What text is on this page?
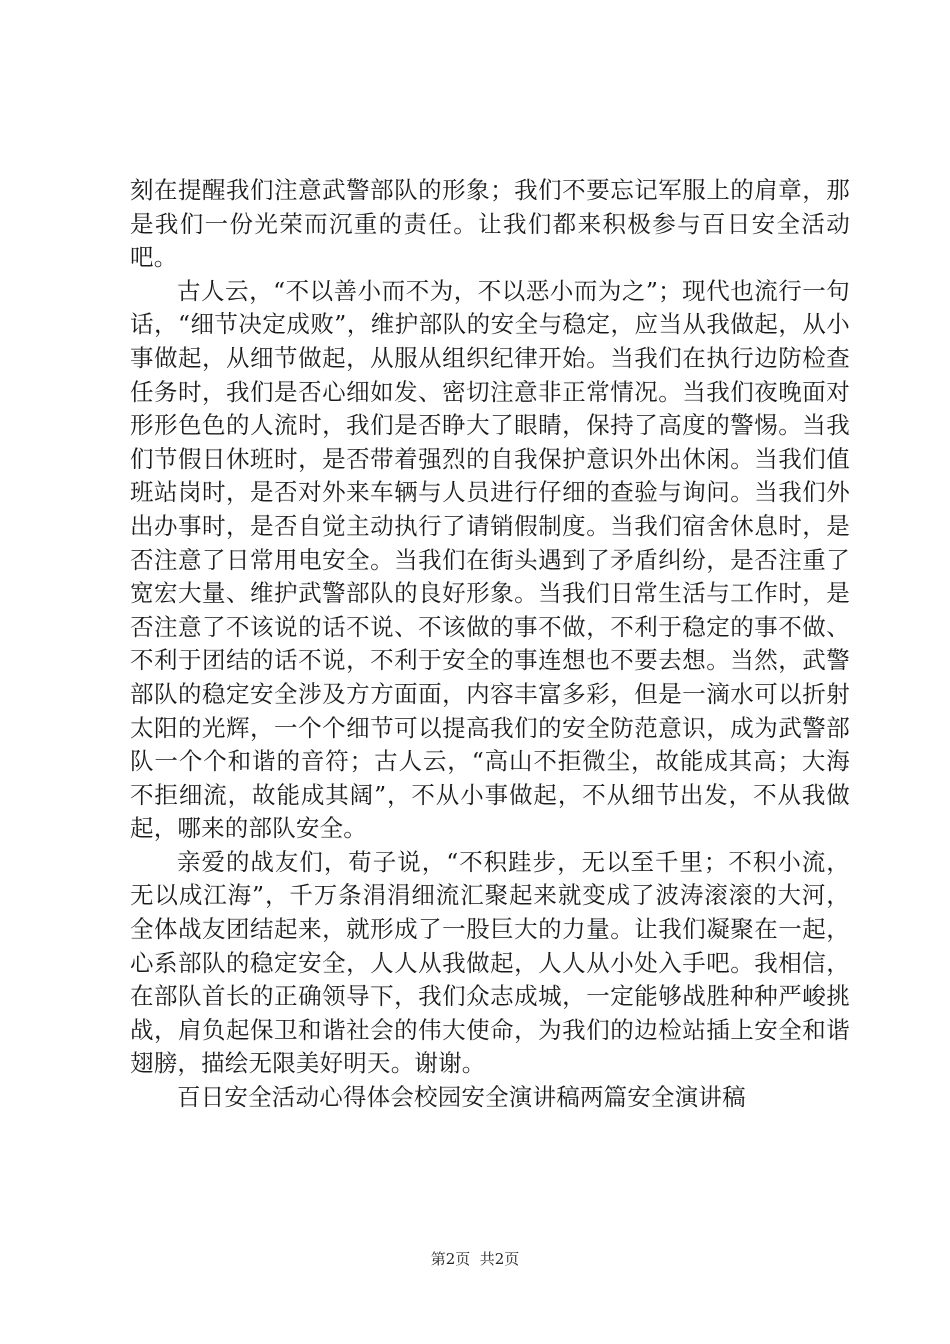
刻在提醒我们注意武警部队的形象；我们不要忘记军服上的肩章，那是我们一份光荣而沉重的责任。让我们都来积极参与百日安全活动吧。

古人云，“不以善小而不为，不以恶小而为之”；现代也流行一句话，“细节决定成败”，维护部队的安全与稳定，应当从我做起，从小事做起，从细节做起，从服从组织纪律开始。当我们在执行边防检查任务时，我们是否心细如发、密切注意非正常情况。当我们夜晚面对形形色色的人流时，我们是否睁大了眼睛，保持了高度的警惕。当我们节假日休班时，是否带着强烈的自我保护意识外出休闲。当我们值班站岗时，是否对外来车辆与人员进行仔细的查验与询问。当我们外出办事时，是否自觉主动执行了请销假制度。当我们宿舍休息时，是否注意了日常用电安全。当我们在街头遇到了矛盾纠纷，是否注重了宽宏大量、维护武警部队的良好形象。当我们日常生活与工作时，是否注意了不该说的话不说、不该做的事不做，不利于稳定的事不做、不利于团结的话不说，不利于安全的事连想也不要去想。当然，武警部队的稳定安全涉及方方面面，内容丰富多彩，但是一滴水可以折射太阳的光辉，一个个细节可以提高我们的安全防范意识，成为武警部队一个个和谐的音符；古人云，“高山不拒微尘，故能成其高；大海不拒细流，故能成其阔”，不从小事做起，不从细节出发，不从我做起，哪来的部队安全。

亲爱的战友们，荀子说，“不积跬步，无以至千里；不积小流，无以成江海”，千万条涓涓细流汇聚起来就变成了波涛滚滚的大河，全体战友团结起来，就形成了一股巨大的力量。让我们凝聚在一起，心系部队的稳定安全，人人从我做起，人人从小处入手吧。我相信，在部队首长的正确领导下，我们众志成城，一定能够战胜种种严峻挑战，肩负起保卫和谐社会的伟大使命，为我们的边检站插上安全和谐翅膀，描绘无限美好明天。谢谢。

百日安全活动心得体会校园安全演讲稿两篇安全演讲稿

第2页  共2页
